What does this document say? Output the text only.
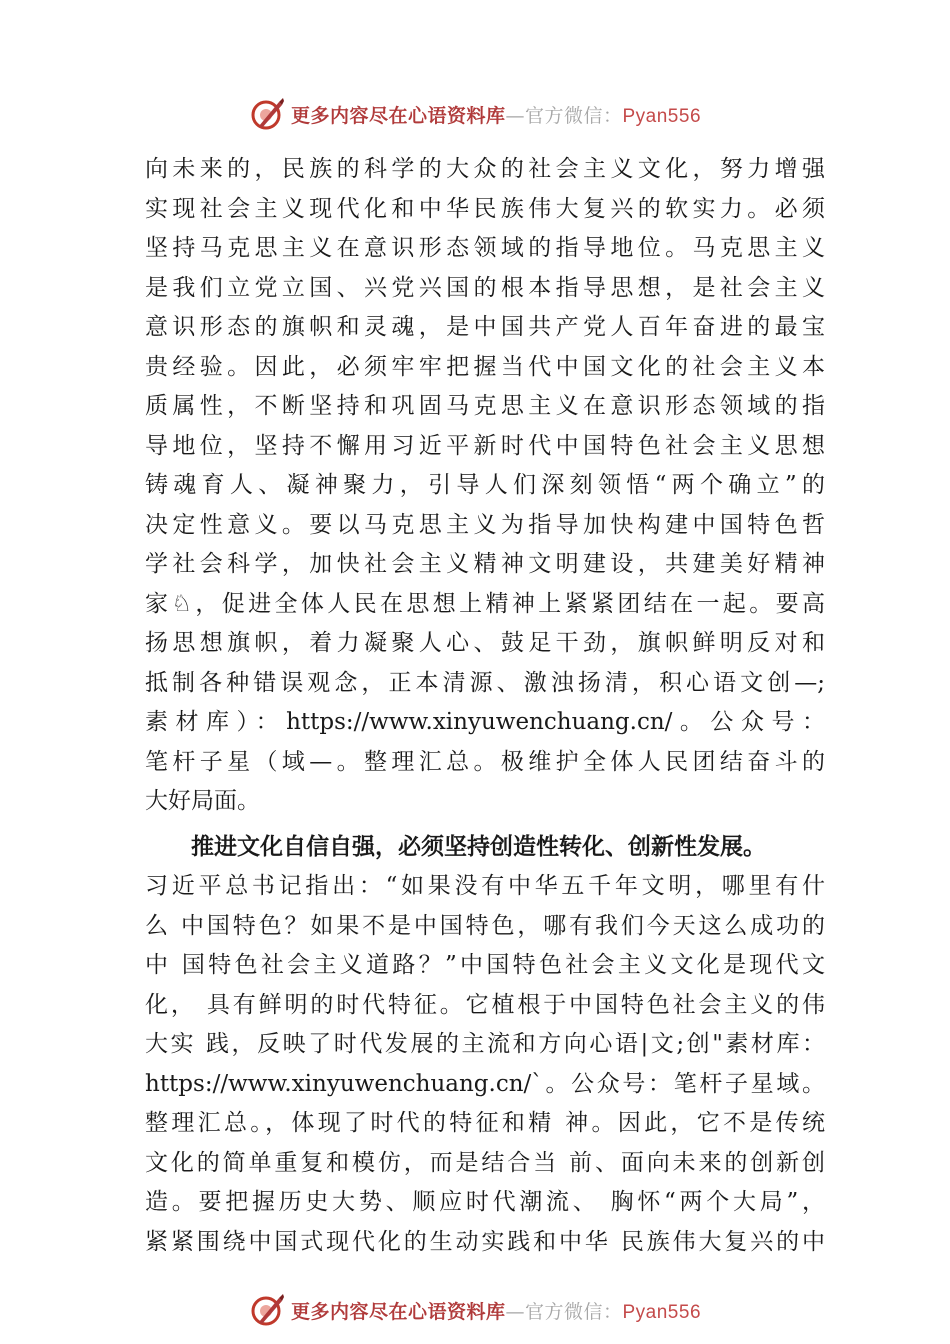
更多内容尽在心语资料库—官方微信：Pyan556
向未来的，民族的科学的大众的社会主义文化，努力增强
实现社会主义现代化和中华民族伟大复兴的软实力。必须
坚持马克思主义在意识形态领域的指导地位。马克思主义
是我们立党立国、兴党兴国的根本指导思想，是社会主义
意识形态的旗帜和灵魂，是中国共产党人百年奋进的最宝
贵经验。因此，必须牢牢把握当代中国文化的社会主义本
质属性，不断坚持和巩固马克思主义在意识形态领域的指
导地位，坚持不懈用习近平新时代中国特色社会主义思想
铸魂育人、凝神聚力，引导人们深刻领悟“两个确立”的
决定性意义。要以马克思主义为指导加快构建中国特色哲
学社会科学，加快社会主义精神文明建设，共建美好精神
家♘，促进全体人民在思想上精神上紧紧团结在一起。要高
扬思想旗帜，着力凝聚人心、鼓足干劲，旗帜鲜明反对和
抵制各种错误观念，正本清源、激浊扬清，积心语文创—;
素材库）：https://www.xinyuwenchuang.cn/。公众号：
笔杆子星（域—。整理汇总。极维护全体人民团结奋斗的
大好局面。
推进文化自信自强，必须坚持创造性转化、创新性发展。
习近平总书记指出：“如果没有中华五千年文明，哪里有什
么 中国特色？如果不是中国特色，哪有我们今天这么成功的
中 国特色社会主义道路？”中国特色社会主义文化是现代文
化， 具有鲜明的时代特征。它植根于中国特色社会主义的伟
大实 践，反映了时代发展的主流和方向心语|文;创"素材库：
https://www.xinyuwenchuang.cn/`。公众号：笔杆子星域。
整理汇总。，体现了时代的特征和精 神。因此，它不是传统
文化的简单重复和模仿，而是结合当 前、面向未来的创新创
造。要把握历史大势、顺应时代潮流、 胸怀“两个大局”，
紧紧围绕中国式现代化的生动实践和中华 民族伟大复兴的中
更多内容尽在心语资料库—官方微信：Pyan556
